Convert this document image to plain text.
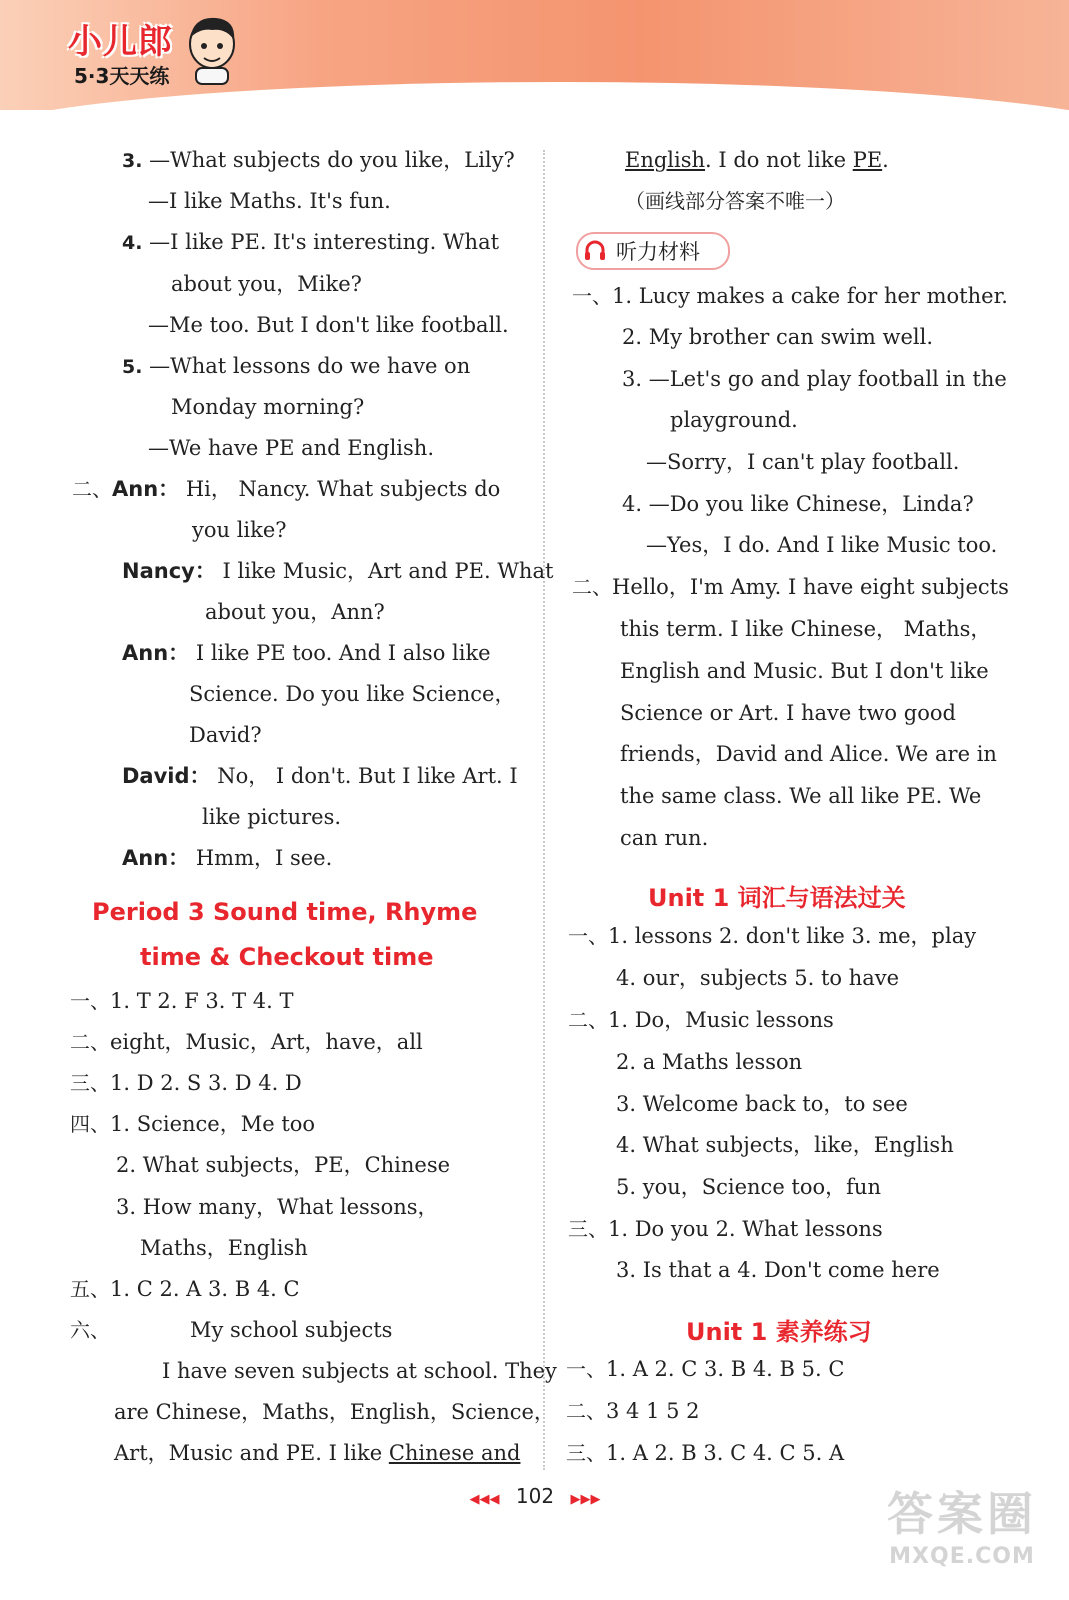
小儿郎
5·3天天练
3. —What subjects do you like，Lily?
—I like Maths. It's fun.
4. —I like PE. It's interesting. What
about you，Mike?
—Me too. But I don't like football.
5. —What lessons do we have on
Monday morning?
—We have PE and English.
二、Ann： Hi， Nancy. What subjects do
you like?
Nancy： I like Music，Art and PE. What
about you，Ann?
Ann： I like PE too. And I also like
Science. Do you like Science，
David?
David： No， I don't. But I like Art. I
like pictures.
Ann： Hmm，I see.
Period 3 Sound time, Rhyme
time & Checkout time
一、1. T 2. F 3. T 4. T
二、eight，Music，Art，have，all
三、1. D 2. S 3. D 4. D
四、1. Science，Me too
2. What subjects，PE，Chinese
3. How many，What lessons，
Maths，English
五、1. C 2. A 3. B 4. C
六、	My school subjects
I have seven subjects at school. They
are Chinese，Maths，English，Science，
Art，Music and PE. I like Chinese and
English. I do not like PE.
（画线部分答案不唯一）
听力材料
一、1. Lucy makes a cake for her mother.
2. My brother can swim well.
3. —Let's go and play football in the
playground.
—Sorry，I can't play football.
4. —Do you like Chinese，Linda?
—Yes，I do. And I like Music too.
二、Hello，I'm Amy. I have eight subjects
this term. I like Chinese， Maths，
English and Music. But I don't like
Science or Art. I have two good
friends，David and Alice. We are in
the same class. We all like PE. We
can run.
Unit 1 词汇与语法过关
一、1. lessons 2. don't like 3. me，play
4. our，subjects 5. to have
二、1. Do，Music lessons
2. a Maths lesson
3. Welcome back to，to see
4. What subjects，like，English
5. you，Science too，fun
三、1. Do you 2. What lessons
3. Is that a 4. Don't come here
Unit 1 素养练习
一、1. A 2. C 3. B 4. B 5. C
二、3 4 1 5 2
三、1. A 2. B 3. C 4. C 5. A
◀◀◀ 102 ▶▶▶	答案圈
MXQE.COM
